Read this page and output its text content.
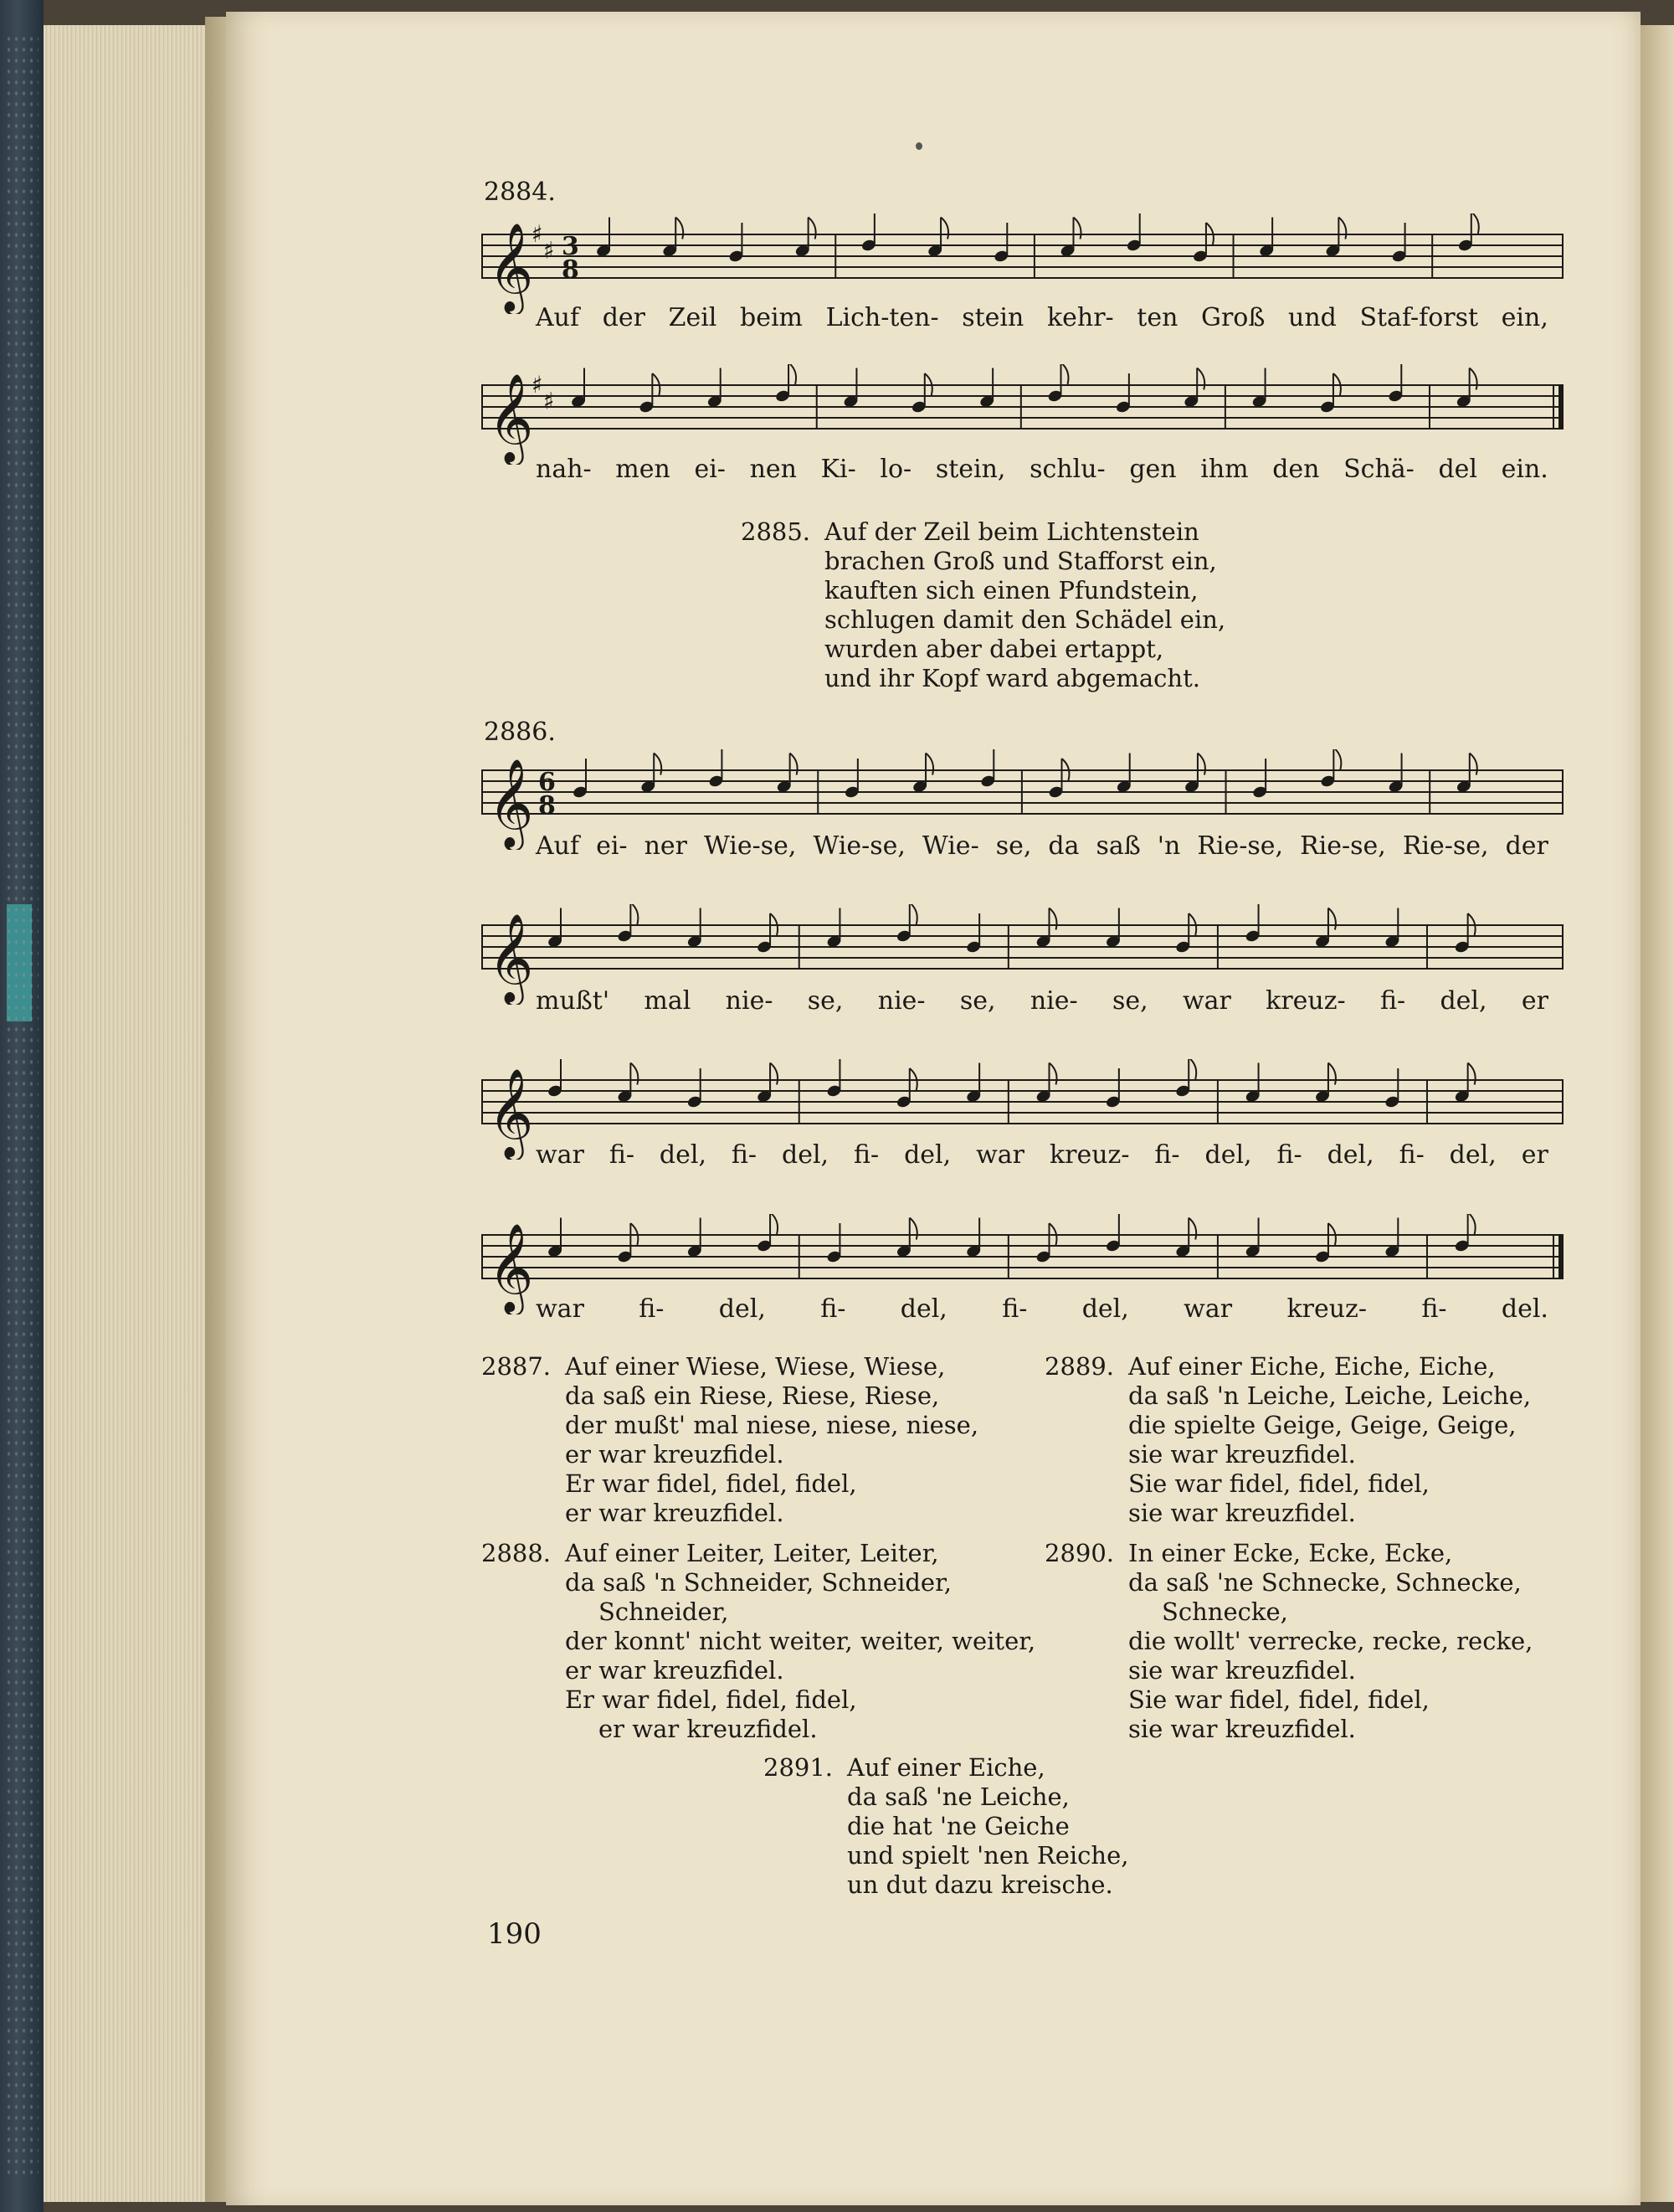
2884.
𝄞
♯
♯ 3
8
Auf der Zeil beim Lich-ten- stein kehr- ten Groß und Staf-forst ein,
𝄞
♯
♯
nah- men ei- nen Ki- lo- stein, schlu- gen ihm den Schä- del ein.
2885. Auf der Zeil beim Lichtenstein
brachen Groß und Stafforst ein,
kauften sich einen Pfundstein,
schlugen damit den Schädel ein,
wurden aber dabei ertappt,
und ihr Kopf ward abgemacht.
2886.
𝄞 6
8
Auf ei- ner Wie-se, Wie-se, Wie- se, da saß 'n Rie-se, Rie-se, Rie-se, der
𝄞 mußt' mal nie- se, nie- se, nie- se, war kreuz- fi- del, er
𝄞 war fi- del, fi- del, fi- del, war kreuz- fi- del, fi- del, fi- del, er
𝄞 war fi- del, fi- del, fi- del, war kreuz- fi- del.
2887. Auf einer Wiese, Wiese, Wiese,
da saß ein Riese, Riese, Riese,
der mußt' mal niese, niese, niese,
er war kreuzfidel.
Er war fidel, fidel, fidel,
er war kreuzfidel.
2889. Auf einer Eiche, Eiche, Eiche,
da saß 'n Leiche, Leiche, Leiche,
die spielte Geige, Geige, Geige,
sie war kreuzfidel.
Sie war fidel, fidel, fidel,
sie war kreuzfidel.
2888. Auf einer Leiter, Leiter, Leiter,
da saß 'n Schneider, Schneider,
Schneider,
der konnt' nicht weiter, weiter, weiter,
er war kreuzfidel.
Er war fidel, fidel, fidel,
er war kreuzfidel.
2890. In einer Ecke, Ecke, Ecke,
da saß 'ne Schnecke, Schnecke,
Schnecke,
die wollt' verrecke, recke, recke,
sie war kreuzfidel.
Sie war fidel, fidel, fidel,
sie war kreuzfidel.
2891. Auf einer Eiche,
da saß 'ne Leiche,
die hat 'ne Geiche
und spielt 'nen Reiche,
un dut dazu kreische.
190
